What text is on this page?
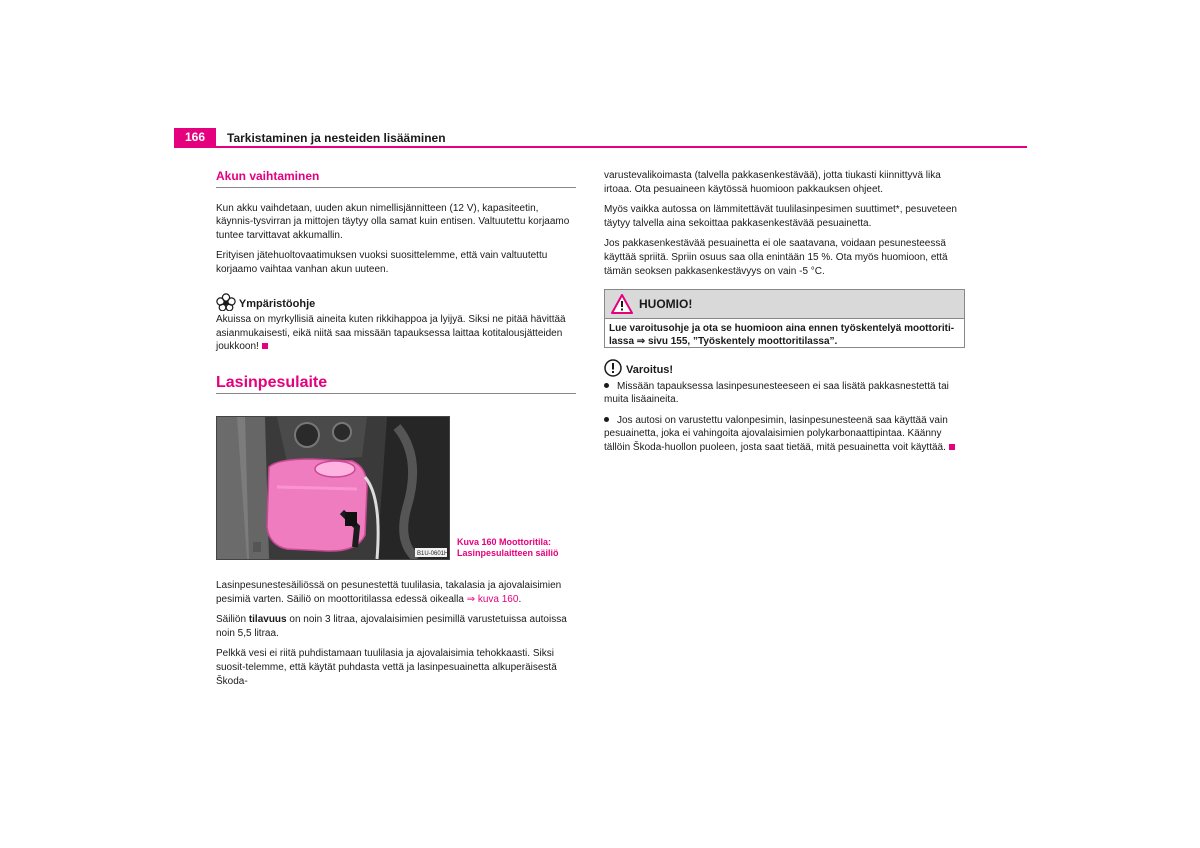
166	Tarkistaminen ja nesteiden lisääminen
Akun vaihtaminen

Kun akku vaihdetaan, uuden akun nimellisjännitteen (12 V), kapasiteetin, käynnis-tysvirran ja mittojen täytyy olla samat kuin entisen. Valtuutettu korjaamo tuntee tarvittavat akkumallin.

Erityisen jätehuoltovaatimuksen vuoksi suosittelemme, että vain valtuutettu korjaamo vaihtaa vanhan akun uuteen.

Ympäristöohje

Akuissa on myrkyllisiä aineita kuten rikkihappoa ja lyijyä. Siksi ne pitää hävittää asianmukaisesti, eikä niitä saa missään tapauksessa laittaa kotitalousjätteiden joukkoon!

Lasinpesulaite
B1U-0601H
Kuva 160 Moottoritila:
Lasinpesulaitteen säiliö

Lasinpesunestesäiliössä on pesunestettä tuulilasia, takalasia ja ajovalaisimien pesimiä varten. Säiliö on moottoritilassa edessä oikealla ⇒ kuva 160.

Säiliön tilavuus on noin 3 litraa, ajovalaisimien pesimillä varustetuissa autoissa noin 5,5 litraa.

Pelkkä vesi ei riitä puhdistamaan tuulilasia ja ajovalaisimia tehokkaasti. Siksi suosit-telemme, että käytät puhdasta vettä ja lasinpesuainetta alkuperäisestä Škoda-

varustevalikoimasta (talvella pakkasenkestävää), jotta tiukasti kiinnittyvä lika irtoaa. Ota pesuaineen käytössä huomioon pakkauksen ohjeet.

Myös vaikka autossa on lämmitettävät tuulilasinpesimen suuttimet*, pesuveteen täytyy talvella aina sekoittaa pakkasenkestävää pesuainetta.

Jos pakkasenkestävää pesuainetta ei ole saatavana, voidaan pesunesteessä käyttää spriitä. Spriin osuus saa olla enintään 15 %. Ota myös huomioon, että tämän seoksen pakkasenkestävyys on vain -5 °C.

HUOMIO!
Lue varoitusohje ja ota se huomioon aina ennen työskentelyä moottoriti-
lassa ⇒ sivu 155, ”Työskentely moottoritilassa”.
Varoitus!

Missään tapauksessa lasinpesunesteeseen ei saa lisätä pakkasnestettä tai muita lisäaineita.

Jos autosi on varustettu valonpesimin, lasinpesunesteenä saa käyttää vain pesuainetta, joka ei vahingoita ajovalaisimien polykarbonaattipintaa. Käänny tällöin Škoda-huollon puoleen, josta saat tietää, mitä pesuainetta voit käyttää.
